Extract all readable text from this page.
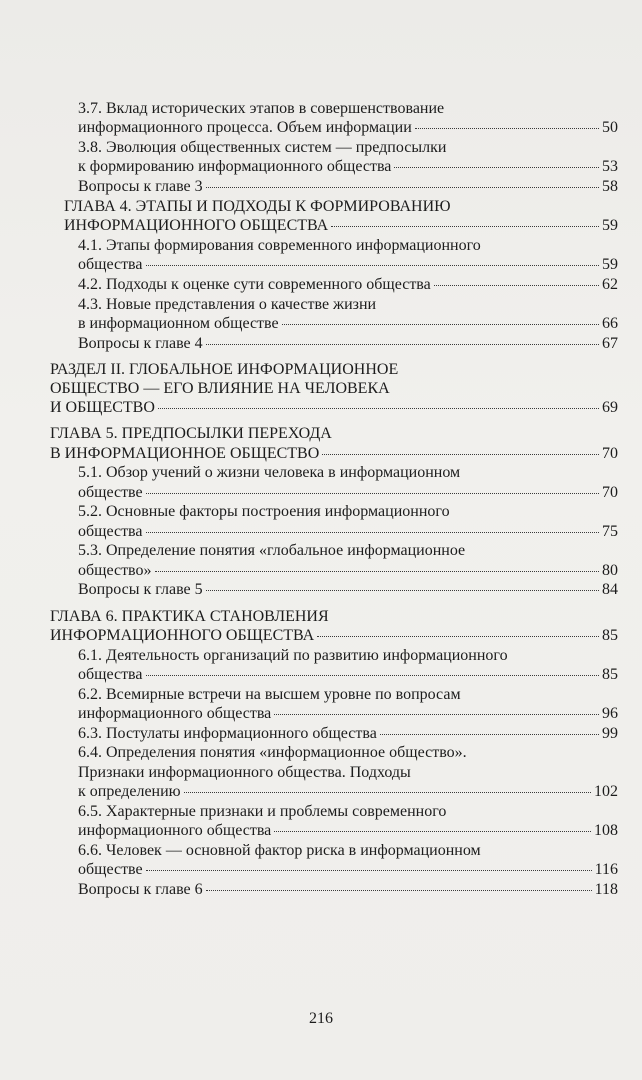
3.7. Вклад исторических этапов в совершенствование
информационного процесса. Объем информации	50
3.8. Эволюция общественных систем — предпосылки
к формированию информационного общества	53
Вопросы к главе 3	58
ГЛАВА 4. ЭТАПЫ И ПОДХОДЫ К ФОРМИРОВАНИЮ
ИНФОРМАЦИОННОГО ОБЩЕСТВА	59
4.1. Этапы формирования современного информационного
общества	59
4.2. Подходы к оценке сути современного общества	62
4.3. Новые представления о качестве жизни
в информационном обществе	66
Вопросы к главе 4	67
РАЗДЕЛ II. ГЛОБАЛЬНОЕ ИНФОРМАЦИОННОЕ
ОБЩЕСТВО — ЕГО ВЛИЯНИЕ НА ЧЕЛОВЕКА
И ОБЩЕСТВО	69
ГЛАВА 5. ПРЕДПОСЫЛКИ ПЕРЕХОДА
В ИНФОРМАЦИОННОЕ ОБЩЕСТВО	70
5.1. Обзор учений о жизни человека в информационном
обществе	70
5.2. Основные факторы построения информационного
общества	75
5.3. Определение понятия «глобальное информационное
общество»	80
Вопросы к главе 5	84
ГЛАВА 6. ПРАКТИКА СТАНОВЛЕНИЯ
ИНФОРМАЦИОННОГО ОБЩЕСТВА	85
6.1. Деятельность организаций по развитию информационного
общества	85
6.2. Всемирные встречи на высшем уровне по вопросам
информационного общества	96
6.3. Постулаты информационного общества	99
6.4. Определения понятия «информационное общество».
Признаки информационного общества. Подходы
к определению	102
6.5. Характерные признаки и проблемы современного
информационного общества	108
6.6. Человек — основной фактор риска в информационном
обществе	116
Вопросы к главе 6	118
216
